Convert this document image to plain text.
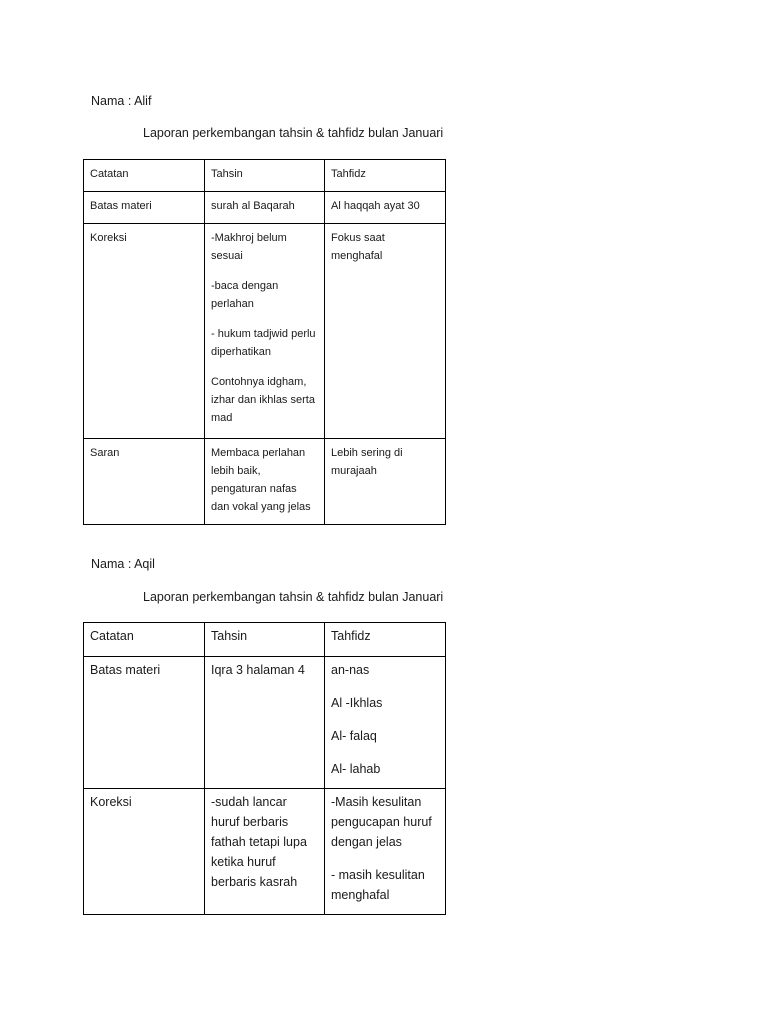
Nama : Alif
Laporan perkembangan tahsin & tahfidz bulan Januari
Catatan	Tahsin	Tahfidz
Batas materi	surah al Baqarah	Al haqqah ayat 30

Koreksi	-Makhroj belum sesuai

-baca dengan perlahan

- hukum tadjwid perlu diperhatikan

Contohnya idgham, izhar dan ikhlas serta mad	Fokus saat menghafal

Saran	Membaca perlahan lebih baik, pengaturan nafas dan vokal yang jelas	Lebih sering di murajaah

Nama : Aqil
Laporan perkembangan tahsin & tahfidz bulan Januari
Catatan	Tahsin	Tahfidz
Batas materi	Iqra 3 halaman 4	an-nas

Al -Ikhlas

Al- falaq

Al- lahab

Koreksi	-sudah lancar huruf berbaris fathah tetapi lupa ketika huruf berbaris kasrah	-Masih kesulitan pengucapan huruf dengan jelas

- masih kesulitan menghafal
